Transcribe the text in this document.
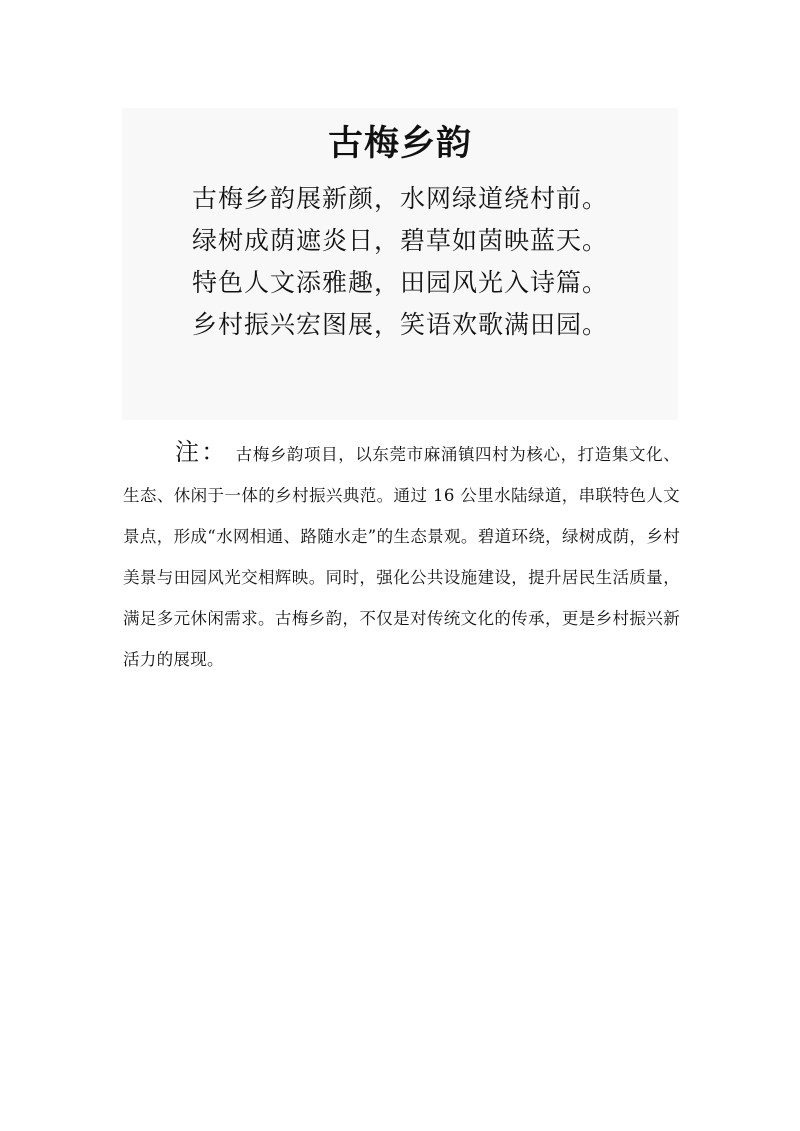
古梅乡韵
古梅乡韵展新颜，水网绿道绕村前。
绿树成荫遮炎日，碧草如茵映蓝天。
特色人文添雅趣，田园风光入诗篇。
乡村振兴宏图展，笑语欢歌满田园。
注： 古梅乡韵项目，以东莞市麻涌镇四村为核心，打造集文化、生态、休闲于一体的乡村振兴典范。通过 16 公里水陆绿道，串联特色人文景点，形成“水网相通、路随水走”的生态景观。碧道环绕，绿树成荫，乡村美景与田园风光交相辉映。同时，强化公共设施建设，提升居民生活质量，满足多元休闲需求。古梅乡韵，不仅是对传统文化的传承，更是乡村振兴新活力的展现。
